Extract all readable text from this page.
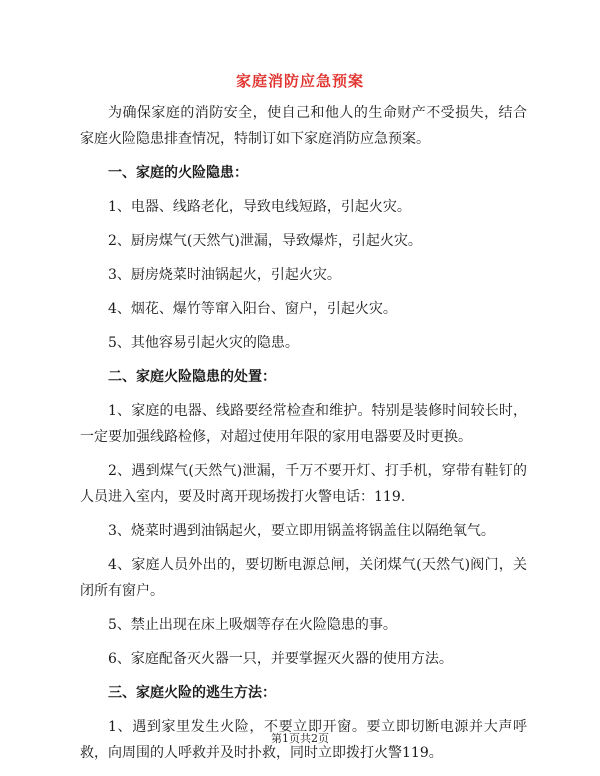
家庭消防应急预案

为确保家庭的消防安全，使自己和他人的生命财产不受损失，结合家庭火险隐患排查情况，特制订如下家庭消防应急预案。

一、家庭的火险隐患：

1、电器、线路老化，导致电线短路，引起火灾。

2、厨房煤气(天然气)泄漏，导致爆炸，引起火灾。

3、厨房烧菜时油锅起火，引起火灾。

4、烟花、爆竹等窜入阳台、窗户，引起火灾。

5、其他容易引起火灾的隐患。

二、家庭火险隐患的处置：

1、家庭的电器、线路要经常检查和维护。特别是装修时间较长时，一定要加强线路检修，对超过使用年限的家用电器要及时更换。

2、遇到煤气(天然气)泄漏，千万不要开灯、打手机，穿带有鞋钉的人员进入室内，要及时离开现场拨打火警电话：119.

3、烧菜时遇到油锅起火，要立即用锅盖将锅盖住以隔绝氧气。

4、家庭人员外出的，要切断电源总闸，关闭煤气(天然气)阀门，关闭所有窗户。

5、禁止出现在床上吸烟等存在火险隐患的事。

6、家庭配备灭火器一只，并要掌握灭火器的使用方法。

三、家庭火险的逃生方法：

1、遇到家里发生火险，不要立即开窗。要立即切断电源并大声呼救，向周围的人呼救并及时扑救，同时立即拨打火警119。

第1页共2页
